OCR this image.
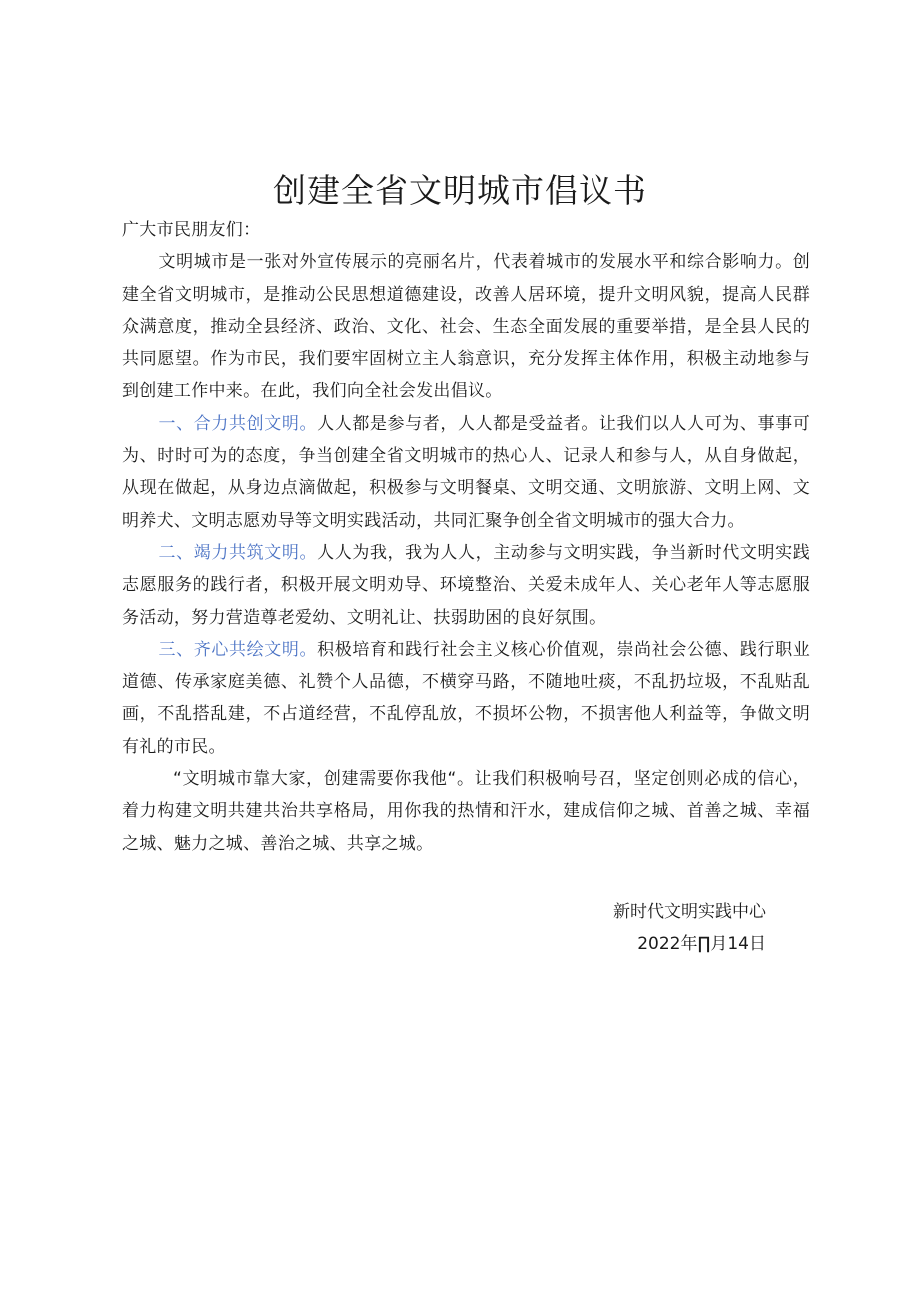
创建全省文明城市倡议书

广大市民朋友们：

文明城市是一张对外宣传展示的亮丽名片，代表着城市的发展水平和综合影响力。创建全省文明城市，是推动公民思想道德建设，改善人居环境，提升文明风貌，提高人民群众满意度，推动全县经济、政治、文化、社会、生态全面发展的重要举措，是全县人民的共同愿望。作为市民，我们要牢固树立主人翁意识，充分发挥主体作用，积极主动地参与到创建工作中来。在此，我们向全社会发出倡议。

一、合力共创文明。人人都是参与者，人人都是受益者。让我们以人人可为、事事可为、时时可为的态度，争当创建全省文明城市的热心人、记录人和参与人，从自身做起，从现在做起，从身边点滴做起，积极参与文明餐桌、文明交通、文明旅游、文明上网、文明养犬、文明志愿劝导等文明实践活动，共同汇聚争创全省文明城市的强大合力。

二、竭力共筑文明。人人为我，我为人人，主动参与文明实践，争当新时代文明实践志愿服务的践行者，积极开展文明劝导、环境整治、关爱未成年人、关心老年人等志愿服务活动，努力营造尊老爱幼、文明礼让、扶弱助困的良好氛围。

三、齐心共绘文明。积极培育和践行社会主义核心价值观，崇尚社会公德、践行职业道德、传承家庭美德、礼赞个人品德，不横穿马路，不随地吐痰，不乱扔垃圾，不乱贴乱画，不乱搭乱建，不占道经营，不乱停乱放，不损坏公物，不损害他人利益等，争做文明有礼的市民。

“文明城市靠大家，创建需要你我他“。让我们积极响号召，坚定创则必成的信心，着力构建文明共建共治共享格局，用你我的热情和汗水，建成信仰之城、首善之城、幸福之城、魅力之城、善治之城、共享之城。

新时代文明实践中心
2022年∏月14日
